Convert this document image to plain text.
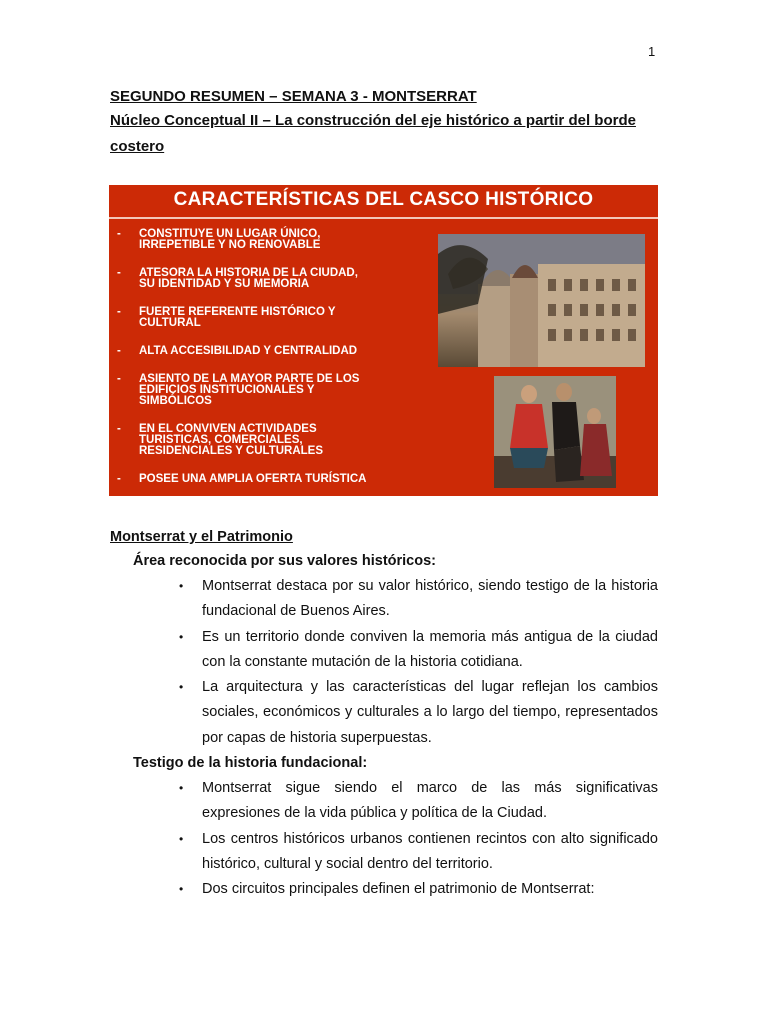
1
SEGUNDO RESUMEN – SEMANA 3 - MONTSERRAT
Núcleo Conceptual II – La construcción del eje histórico a partir del borde costero
CARACTERÍSTICAS DEL CASCO HISTÓRICO
- CONSTITUYE UN LUGAR ÚNICO,
IRREPETIBLE Y NO RENOVABLE
- ATESORA LA HISTORIA DE LA CIUDAD,
SU IDENTIDAD Y SU MEMORIA
- FUERTE REFERENTE HISTÓRICO Y
CULTURAL
- ALTA ACCESIBILIDAD Y CENTRALIDAD
- ASIENTO DE LA MAYOR PARTE DE LOS
EDIFICIOS INSTITUCIONALES Y
SIMBÓLICOS
- EN EL CONVIVEN ACTIVIDADES
TURISTICAS, COMERCIALES,
RESIDENCIALES Y CULTURALES
- POSEE UNA AMPLIA OFERTA TURÍSTICA
Montserrat y el Patrimonio
Área reconocida por sus valores históricos:
• Montserrat destaca por su valor histórico, siendo testigo de la historia fundacional de Buenos Aires.
• Es un territorio donde conviven la memoria más antigua de la ciudad con la constante mutación de la historia cotidiana.
• La arquitectura y las características del lugar reflejan los cambios sociales, económicos y culturales a lo largo del tiempo, representados por capas de historia superpuestas.
Testigo de la historia fundacional:
• Montserrat sigue siendo el marco de las más significativas expresiones de la vida pública y política de la Ciudad.
• Los centros históricos urbanos contienen recintos con alto significado histórico, cultural y social dentro del territorio.
• Dos circuitos principales definen el patrimonio de Montserrat:
